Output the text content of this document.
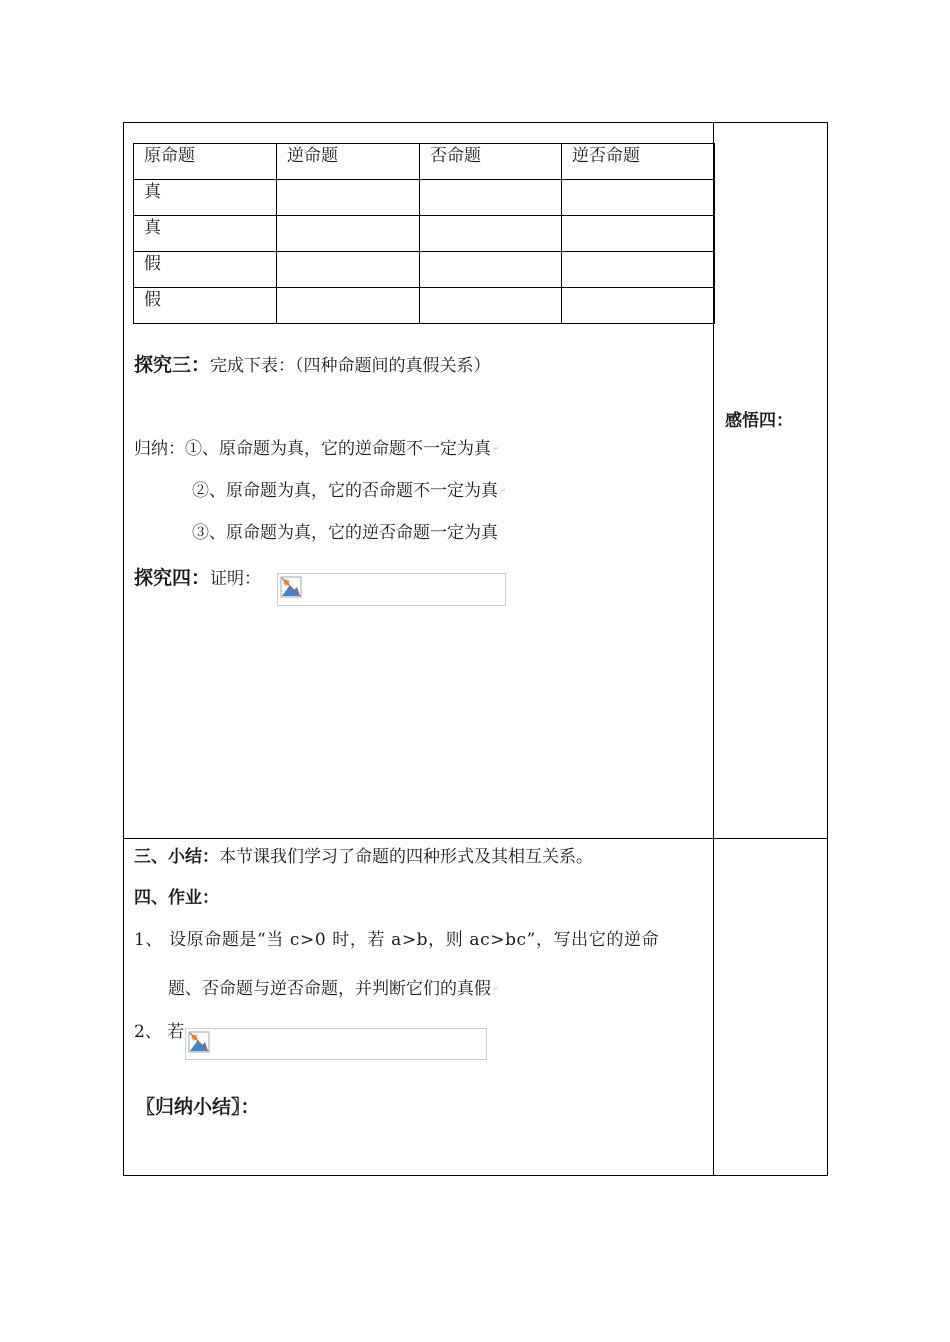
原命题	逆命题	否命题	逆否命题
真			
真			
假			
假			
探究三：完成下表：（四种命题间的真假关系）
归纳：①、原命题为真，它的逆命题不一定为真↵
②、原命题为真，它的否命题不一定为真↵
③、原命题为真，它的逆否命题一定为真
探究四：证明：
感悟四：
三、小结：本节课我们学习了命题的四种形式及其相互关系。
四、作业：
1、 设原命题是“当 c>0 时，若 a>b，则 ac>bc”，写出它的逆命
题、否命题与逆否命题，并判断它们的真假↵
2、 若
〖归纳小结〗：
